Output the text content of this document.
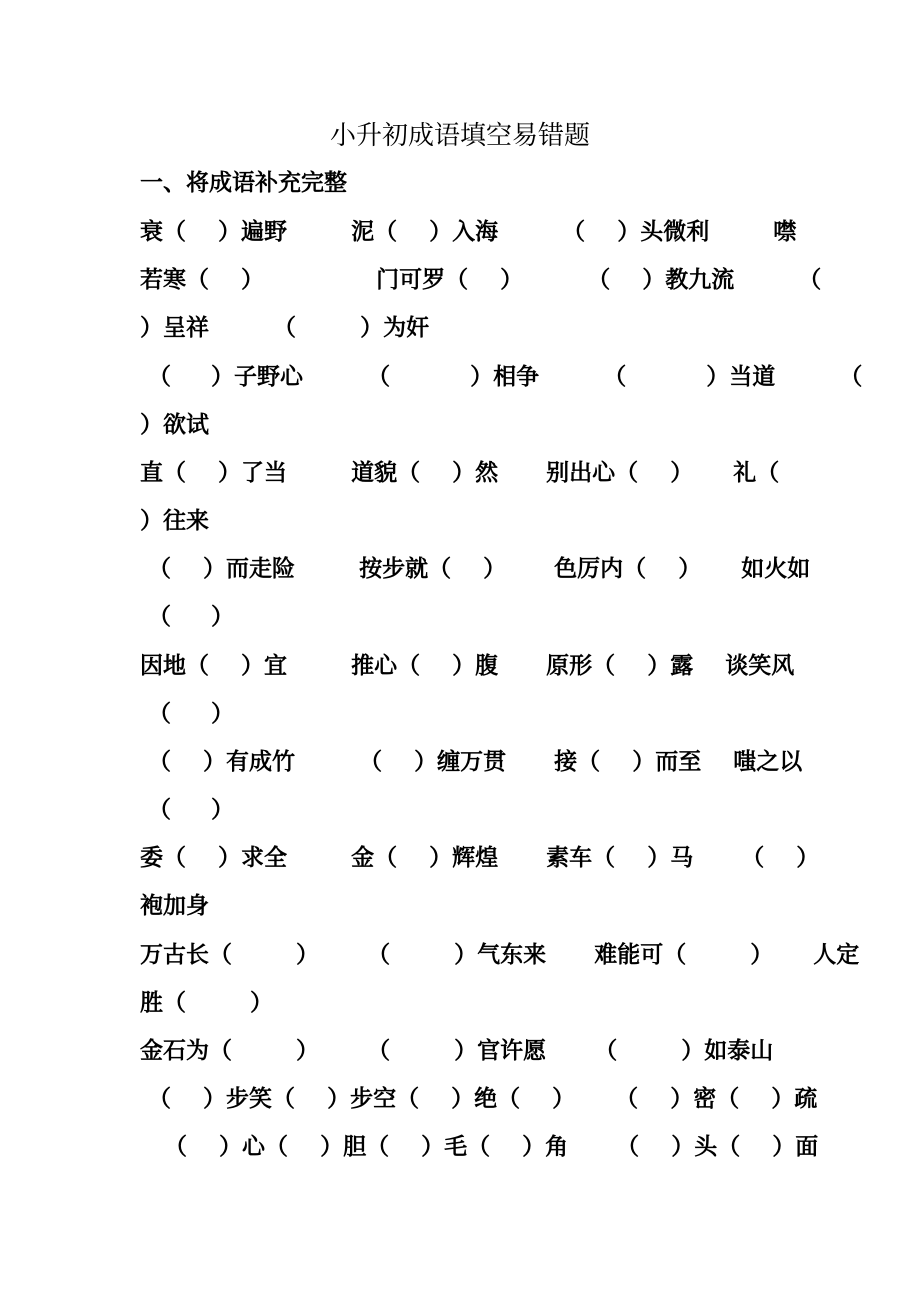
小升初成语填空易错题
一、将成语补充完整
衰（    ）遍野        泥（    ）入海        （    ）头微利        噤
若寒（    ）              门可罗（    ）        （    ）教九流        （
）呈祥        （        ）为奸
（     ）子野心        （          ）相争        （          ）当道        （
）欲试
直（    ）了当        道貌（    ）然      别出心（    ）     礼（
）往来
（    ）而走险        按步就（    ）      色厉内（    ）     如火如
（     ）
因地（    ）宜        推心（    ）腹      原形（    ）露    谈笑风
（     ）
（    ）有成竹        （    ）缠万贯      接（    ）而至    嗤之以
（     ）
委（    ）求全        金（    ）辉煌      素车（    ）马      （    ）
袍加身
万古长（        ）      （        ）气东来      难能可（        ）     人定
胜（        ）
金石为（        ）      （        ）官许愿      （        ）如泰山
（    ）步笑（    ）步空（    ）绝（    ）     （    ）密（    ）疏
（    ）心（    ）胆（    ）毛（    ）角      （    ）头（    ）面
